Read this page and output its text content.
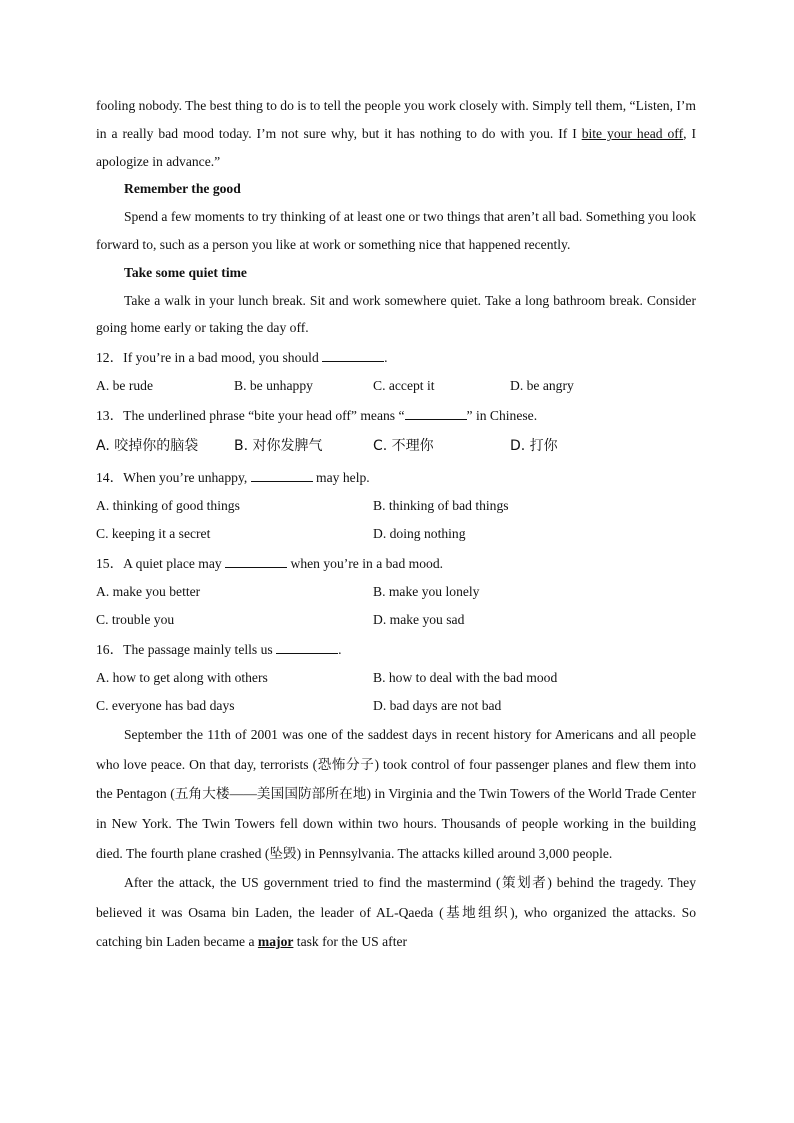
fooling nobody. The best thing to do is to tell the people you work closely with. Simply tell them, “Listen, I’m in a really bad mood today. I’m not sure why, but it has nothing to do with you. If I bite your head off, I apologize in advance.”

Remember the good

Spend a few moments to try thinking of at least one or two things that aren’t all bad. Something you look forward to, such as a person you like at work or something nice that happened recently.

Take some quiet time

Take a walk in your lunch break. Sit and work somewhere quiet. Take a long bathroom break. Consider going home early or taking the day off.

12．If you’re in a bad mood, you should	.

A. be rude	B. be unhappy	C. accept it	D. be angry

13．The underlined phrase “bite your head off” means “	” in Chinese.

A. 咬掉你的脑袋	B. 对你发脾气	C. 不理你	D. 打你

14．When you’re unhappy,	may help.

A. thinking of good things	B. thinking of bad things
C. keeping it a secret	D. doing nothing

15．A quiet place may	when you’re in a bad mood.

A. make you better	B. make you lonely
C. trouble you	D. make you sad

16．The passage mainly tells us	.

A. how to get along with others	B. how to deal with the bad mood
C. everyone has bad days	D. bad days are not bad

September the 11th of 2001 was one of the saddest days in recent history for Americans and all people who love peace. On that day, terrorists (恐怖分子) took control of four passenger planes and flew them into the Pentagon (五角大楼——美国国防部所在地) in Virginia and the Twin Towers of the World Trade Center in New York. The Twin Towers fell down within two hours. Thousands of people working in the building died. The fourth plane crashed (坠毁) in Pennsylvania. The attacks killed around 3,000 people.

After the attack, the US government tried to find the mastermind (策划者) behind the tragedy. They believed it was Osama bin Laden, the leader of AL-Qaeda (基地组织), who organized the attacks. So catching bin Laden became a major task for the US after
